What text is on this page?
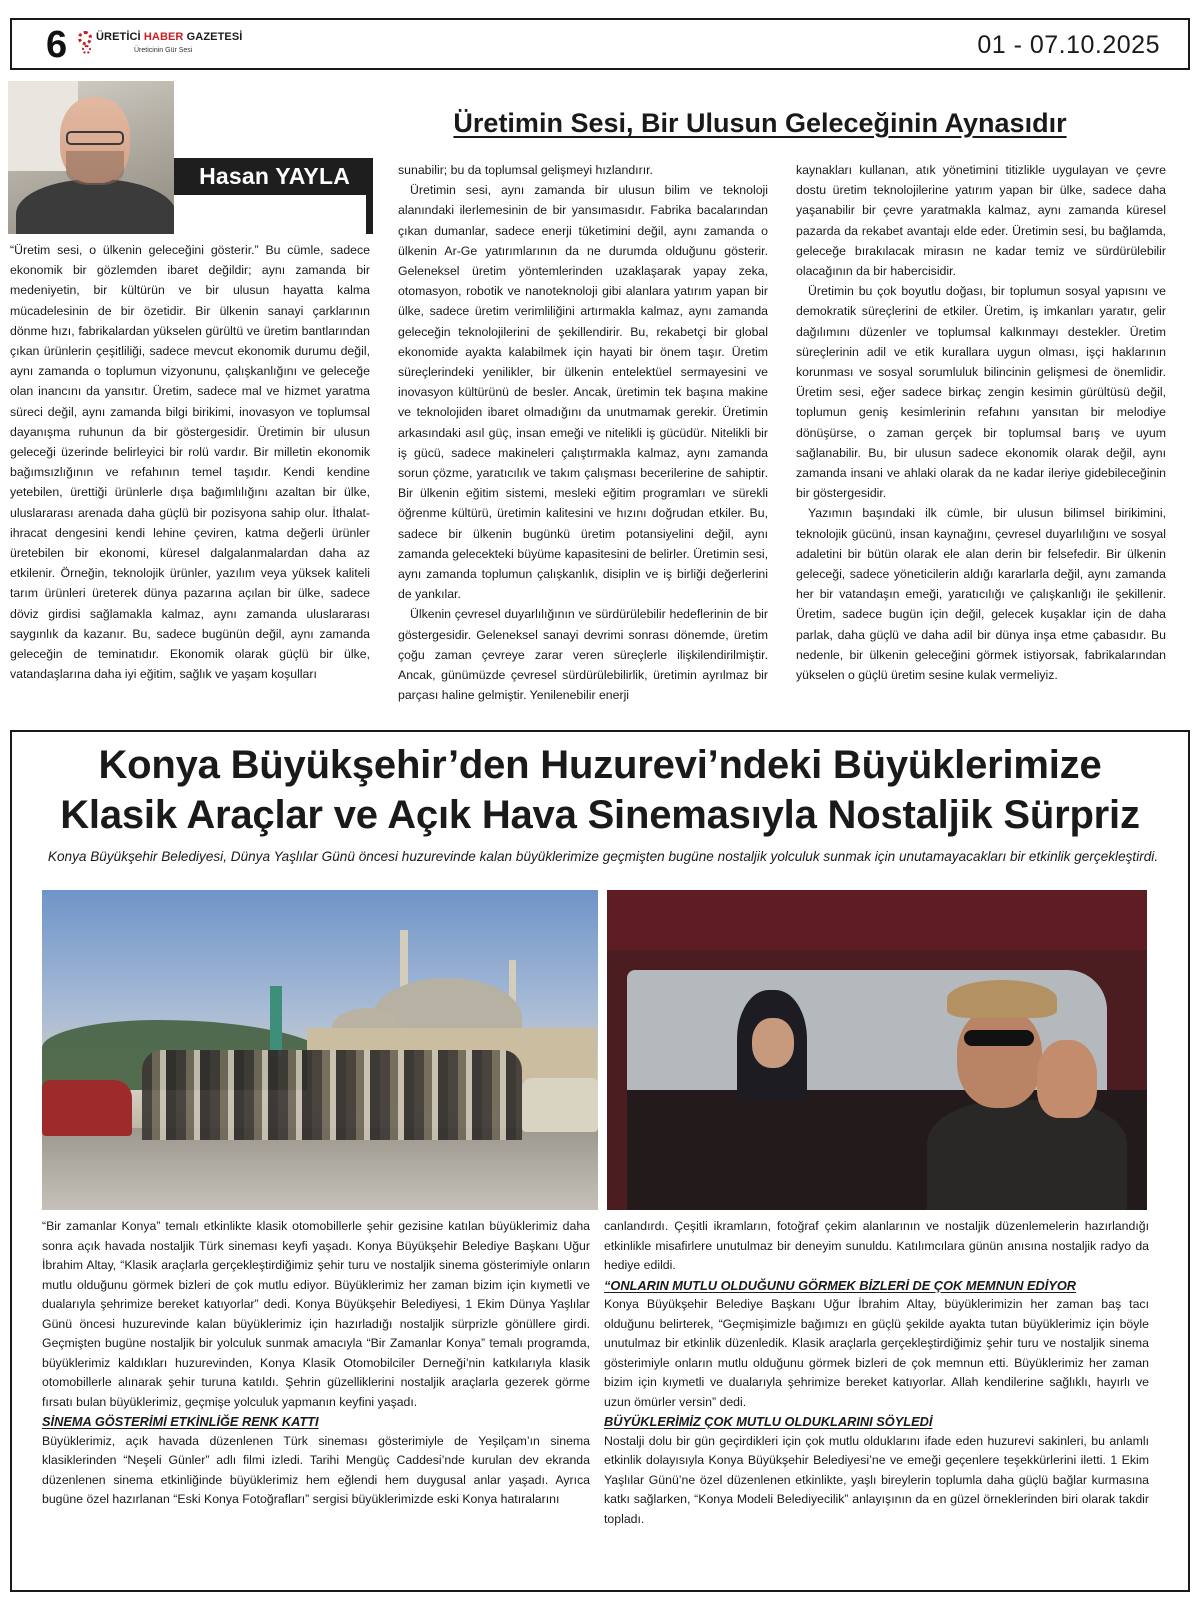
6	ÜRETİCİ HABER GAZETESİ
Üreticinin Gür Sesi	01 - 07.10.2025
Hasan YAYLA
Üretimin Sesi, Bir Ulusun Geleceğinin Aynasıdır

“Üretim sesi, o ülkenin geleceğini gösterir.” Bu cümle, sadece ekonomik bir gözlemden ibaret değildir; aynı zamanda bir medeniyetin, bir kültürün ve bir ulusun hayatta kalma mücadelesinin de bir özetidir. Bir ülkenin sanayi çarklarının dönme hızı, fabrikalardan yükselen gürültü ve üretim bantlarından çıkan ürünlerin çeşitliliği, sadece mevcut ekonomik durumu değil, aynı zamanda o toplumun vizyonunu, çalışkanlığını ve geleceğe olan inancını da yansıtır. Üretim, sadece mal ve hizmet yaratma süreci değil, aynı zamanda bilgi birikimi, inovasyon ve toplumsal dayanışma ruhunun da bir göstergesidir. Üretimin bir ulusun geleceği üzerinde belirleyici bir rolü vardır. Bir milletin ekonomik bağımsızlığının ve refahının temel taşıdır. Kendi kendine yetebilen, ürettiği ürünlerle dışa bağımlılığını azaltan bir ülke, uluslararası arenada daha güçlü bir pozisyona sahip olur. İthalat-ihracat dengesini kendi lehine çeviren, katma değerli ürünler üretebilen bir ekonomi, küresel dalgalanmalardan daha az etkilenir. Örneğin, teknolojik ürünler, yazılım veya yüksek kaliteli tarım ürünleri üreterek dünya pazarına açılan bir ülke, sadece döviz girdisi sağlamakla kalmaz, aynı zamanda uluslararası saygınlık da kazanır. Bu, sadece bugünün değil, aynı zamanda geleceğin de teminatıdır. Ekonomik olarak güçlü bir ülke, vatandaşlarına daha iyi eğitim, sağlık ve yaşam koşulları

sunabilir; bu da toplumsal gelişmeyi hızlandırır.

Üretimin sesi, aynı zamanda bir ulusun bilim ve teknoloji alanındaki ilerlemesinin de bir yansımasıdır. Fabrika bacalarından çıkan dumanlar, sadece enerji tüketimini değil, aynı zamanda o ülkenin Ar-Ge yatırımlarının da ne durumda olduğunu gösterir. Geleneksel üretim yöntemlerinden uzaklaşarak yapay zeka, otomasyon, robotik ve nanoteknoloji gibi alanlara yatırım yapan bir ülke, sadece üretim verimliliğini artırmakla kalmaz, aynı zamanda geleceğin teknolojilerini de şekillendirir. Bu, rekabetçi bir global ekonomide ayakta kalabilmek için hayati bir önem taşır. Üretim süreçlerindeki yenilikler, bir ülkenin entelektüel sermayesini ve inovasyon kültürünü de besler. Ancak, üretimin tek başına makine ve teknolojiden ibaret olmadığını da unutmamak gerekir. Üretimin arkasındaki asıl güç, insan emeği ve nitelikli iş gücüdür. Nitelikli bir iş gücü, sadece makineleri çalıştırmakla kalmaz, aynı zamanda sorun çözme, yaratıcılık ve takım çalışması becerilerine de sahiptir. Bir ülkenin eğitim sistemi, mesleki eğitim programları ve sürekli öğrenme kültürü, üretimin kalitesini ve hızını doğrudan etkiler. Bu, sadece bir ülkenin bugünkü üretim potansiyelini değil, aynı zamanda gelecekteki büyüme kapasitesini de belirler. Üretimin sesi, aynı zamanda toplumun çalışkanlık, disiplin ve iş birliği değerlerini de yankılar.

Ülkenin çevresel duyarlılığının ve sürdürülebilir hedeflerinin de bir göstergesidir. Geleneksel sanayi devrimi sonrası dönemde, üretim çoğu zaman çevreye zarar veren süreçlerle ilişkilendirilmiştir. Ancak, günümüzde çevresel sürdürülebilirlik, üretimin ayrılmaz bir parçası haline gelmiştir. Yenilenebilir enerji

kaynakları kullanan, atık yönetimini titizlikle uygulayan ve çevre dostu üretim teknolojilerine yatırım yapan bir ülke, sadece daha yaşanabilir bir çevre yaratmakla kalmaz, aynı zamanda küresel pazarda da rekabet avantajı elde eder. Üretimin sesi, bu bağlamda, geleceğe bırakılacak mirasın ne kadar temiz ve sürdürülebilir olacağının da bir habercisidir.

Üretimin bu çok boyutlu doğası, bir toplumun sosyal yapısını ve demokratik süreçlerini de etkiler. Üretim, iş imkanları yaratır, gelir dağılımını düzenler ve toplumsal kalkınmayı destekler. Üretim süreçlerinin adil ve etik kurallara uygun olması, işçi haklarının korunması ve sosyal sorumluluk bilincinin gelişmesi de önemlidir. Üretim sesi, eğer sadece birkaç zengin kesimin gürültüsü değil, toplumun geniş kesimlerinin refahını yansıtan bir melodiye dönüşürse, o zaman gerçek bir toplumsal barış ve uyum sağlanabilir. Bu, bir ulusun sadece ekonomik olarak değil, aynı zamanda insani ve ahlaki olarak da ne kadar ileriye gidebileceğinin bir göstergesidir.

Yazımın başındaki ilk cümle, bir ulusun bilimsel birikimini, teknolojik gücünü, insan kaynağını, çevresel duyarlılığını ve sosyal adaletini bir bütün olarak ele alan derin bir felsefedir. Bir ülkenin geleceği, sadece yöneticilerin aldığı kararlarla değil, aynı zamanda her bir vatandaşın emeği, yaratıcılığı ve çalışkanlığı ile şekillenir. Üretim, sadece bugün için değil, gelecek kuşaklar için de daha parlak, daha güçlü ve daha adil bir dünya inşa etme çabasıdır. Bu nedenle, bir ülkenin geleceğini görmek istiyorsak, fabrikalarından yükselen o güçlü üretim sesine kulak vermeliyiz.

Konya Büyükşehir’den Huzurevi’ndeki Büyüklerimize
Klasik Araçlar ve Açık Hava Sinemasıyla Nostaljik Sürpriz
Konya Büyükşehir Belediyesi, Dünya Yaşlılar Günü öncesi huzurevinde kalan büyüklerimize geçmişten bugüne nostaljik yolculuk sunmak için unutamayacakları bir etkinlik gerçekleştirdi.

“Bir zamanlar Konya” temalı etkinlikte klasik otomobillerle şehir gezisine katılan büyüklerimiz daha sonra açık havada nostaljik Türk sineması keyfi yaşadı. Konya Büyükşehir Belediye Başkanı Uğur İbrahim Altay, “Klasik araçlarla gerçekleştirdiğimiz şehir turu ve nostaljik sinema gösterimiyle onların mutlu olduğunu görmek bizleri de çok mutlu ediyor. Büyüklerimiz her zaman bizim için kıymetli ve dualarıyla şehrimize bereket katıyorlar” dedi. Konya Büyükşehir Belediyesi, 1 Ekim Dünya Yaşlılar Günü öncesi huzurevinde kalan büyüklerimiz için hazırladığı nostaljik sürprizle gönüllere girdi. Geçmişten bugüne nostaljik bir yolculuk sunmak amacıyla “Bir Zamanlar Konya” temalı programda, büyüklerimiz kaldıkları huzurevinden, Konya Klasik Otomobilciler Derneği’nin katkılarıyla klasik otomobillerle alınarak şehir turuna katıldı. Şehrin güzelliklerini nostaljik araçlarla gezerek görme fırsatı bulan büyüklerimiz, geçmişe yolculuk yapmanın keyfini yaşadı.

SİNEMA GÖSTERİMİ ETKİNLİĞE RENK KATTI

Büyüklerimiz, açık havada düzenlenen Türk sineması gösterimiyle de Yeşilçam’ın sinema klasiklerinden “Neşeli Günler” adlı filmi izledi. Tarihi Mengüç Caddesi’nde kurulan dev ekranda düzenlenen sinema etkinliğinde büyüklerimiz hem eğlendi hem duygusal anlar yaşadı. Ayrıca bugüne özel hazırlanan “Eski Konya Fotoğrafları” sergisi büyüklerimizde eski Konya hatıralarını

canlandırdı. Çeşitli ikramların, fotoğraf çekim alanlarının ve nostaljik düzenlemelerin hazırlandığı etkinlikle misafirlere unutulmaz bir deneyim sunuldu. Katılımcılara günün anısına nostaljik radyo da hediye edildi.

“ONLARIN MUTLU OLDUĞUNU GÖRMEK BİZLERİ DE ÇOK MEMNUN EDİYOR

Konya Büyükşehir Belediye Başkanı Uğur İbrahim Altay, büyüklerimizin her zaman baş tacı olduğunu belirterek, “Geçmişimizle bağımızı en güçlü şekilde ayakta tutan büyüklerimiz için böyle unutulmaz bir etkinlik düzenledik. Klasik araçlarla gerçekleştirdiğimiz şehir turu ve nostaljik sinema gösterimiyle onların mutlu olduğunu görmek bizleri de çok memnun etti. Büyüklerimiz her zaman bizim için kıymetli ve dualarıyla şehrimize bereket katıyorlar. Allah kendilerine sağlıklı, hayırlı ve uzun ömürler versin” dedi.

BÜYÜKLERİMİZ ÇOK MUTLU OLDUKLARINI SÖYLEDİ

Nostalji dolu bir gün geçirdikleri için çok mutlu olduklarını ifade eden huzurevi sakinleri, bu anlamlı etkinlik dolayısıyla Konya Büyükşehir Belediyesi’ne ve emeği geçenlere teşekkürlerini iletti. 1 Ekim Yaşlılar Günü’ne özel düzenlenen etkinlikte, yaşlı bireylerin toplumla daha güçlü bağlar kurmasına katkı sağlarken, “Konya Modeli Belediyecilik” anlayışının da en güzel örneklerinden biri olarak takdir topladı.
